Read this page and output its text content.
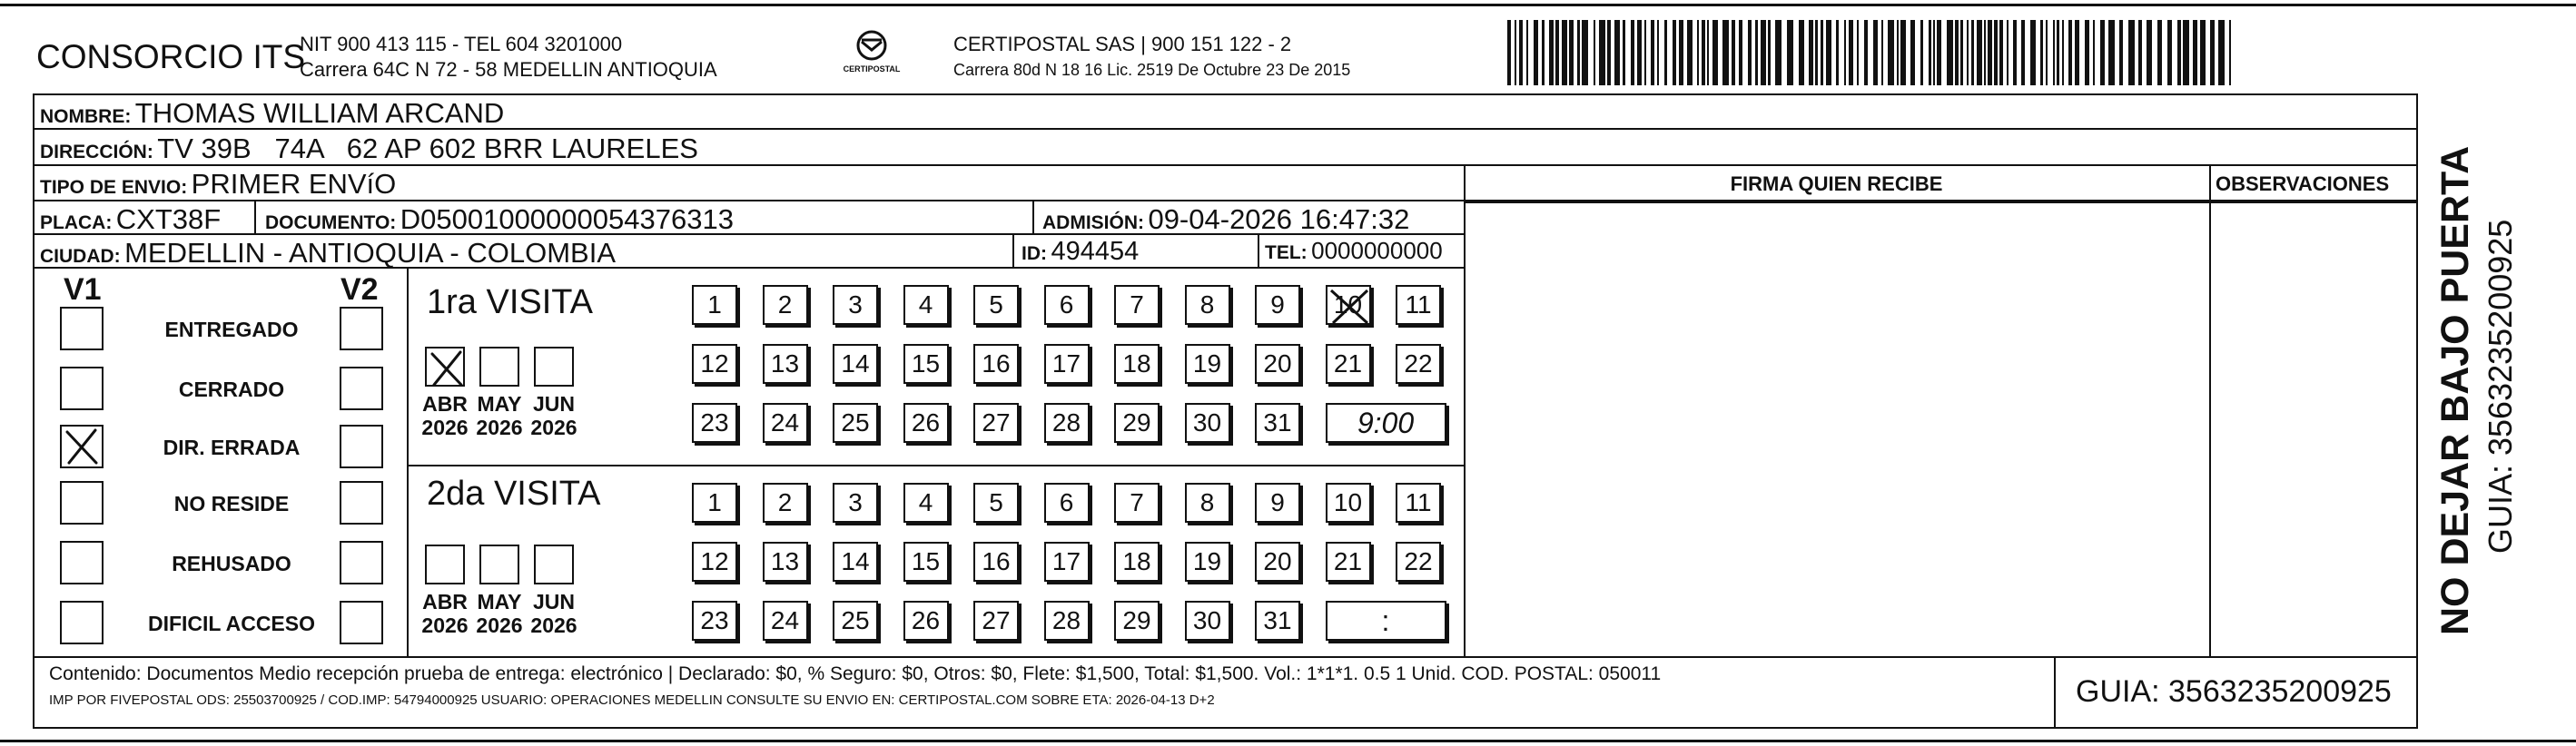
CONSORCIO ITS
NIT 900 413 115 - TEL 604 3201000
Carrera 64C N 72 - 58 MEDELLIN ANTIOQUIA	CERTIPOSTAL
CERTIPOSTAL SAS | 900 151 122 - 2
Carrera 80d N 18 16 Lic. 2519 De Octubre 23 De 2015
NOMBRE: THOMAS WILLIAM ARCAND
DIRECCIÓN: TV 39B   74A   62 AP 602 BRR LAURELES
TIPO DE ENVIO: PRIMER ENVíO
PLACA: CXT38F DOCUMENTO: D05001000000054376313	ADMISIÓN: 09-04-2026 16:47:32
CIUDAD: MEDELLIN - ANTIOQUIA - COLOMBIA	ID: 494454	TEL: 0000000000
FIRMA QUIEN RECIBE	OBSERVACIONES
V1	V2
ENTREGADO
CERRADO
DIR. ERRADA
NO RESIDE
REHUSADO
DIFICIL ACCESO
1ra VISITA
2da VISITA
ABR
2026
MAY
2026
JUN
2026
1 2 3 4 5 6 7 8 9 10 11
12 13 14 15 16 17 18 19 20 21 22
23 24 25 26 27 28 29 30 31 9:00
ABR
2026
MAY
2026
JUN
2026
1 2 3 4 5 6 7 8 9 10 11
12 13 14 15 16 17 18 19 20 21 22
23 24 25 26 27 28 29 30 31	:
Contenido: Documentos Medio recepción prueba de entrega: electrónico | Declarado: $0, % Seguro: $0, Otros: $0, Flete: $1,500, Total: $1,500. Vol.: 1*1*1. 0.5 1 Unid. COD. POSTAL: 050011
IMP POR FIVEPOSTAL ODS: 25503700925 / COD.IMP: 54794000925 USUARIO: OPERACIONES MEDELLIN CONSULTE SU ENVIO EN: CERTIPOSTAL.COM SOBRE ETA: 2026-04-13 D+2	GUIA: 3563235200925
NO DEJAR BAJO PUERTA GUIA: 3563235200925
